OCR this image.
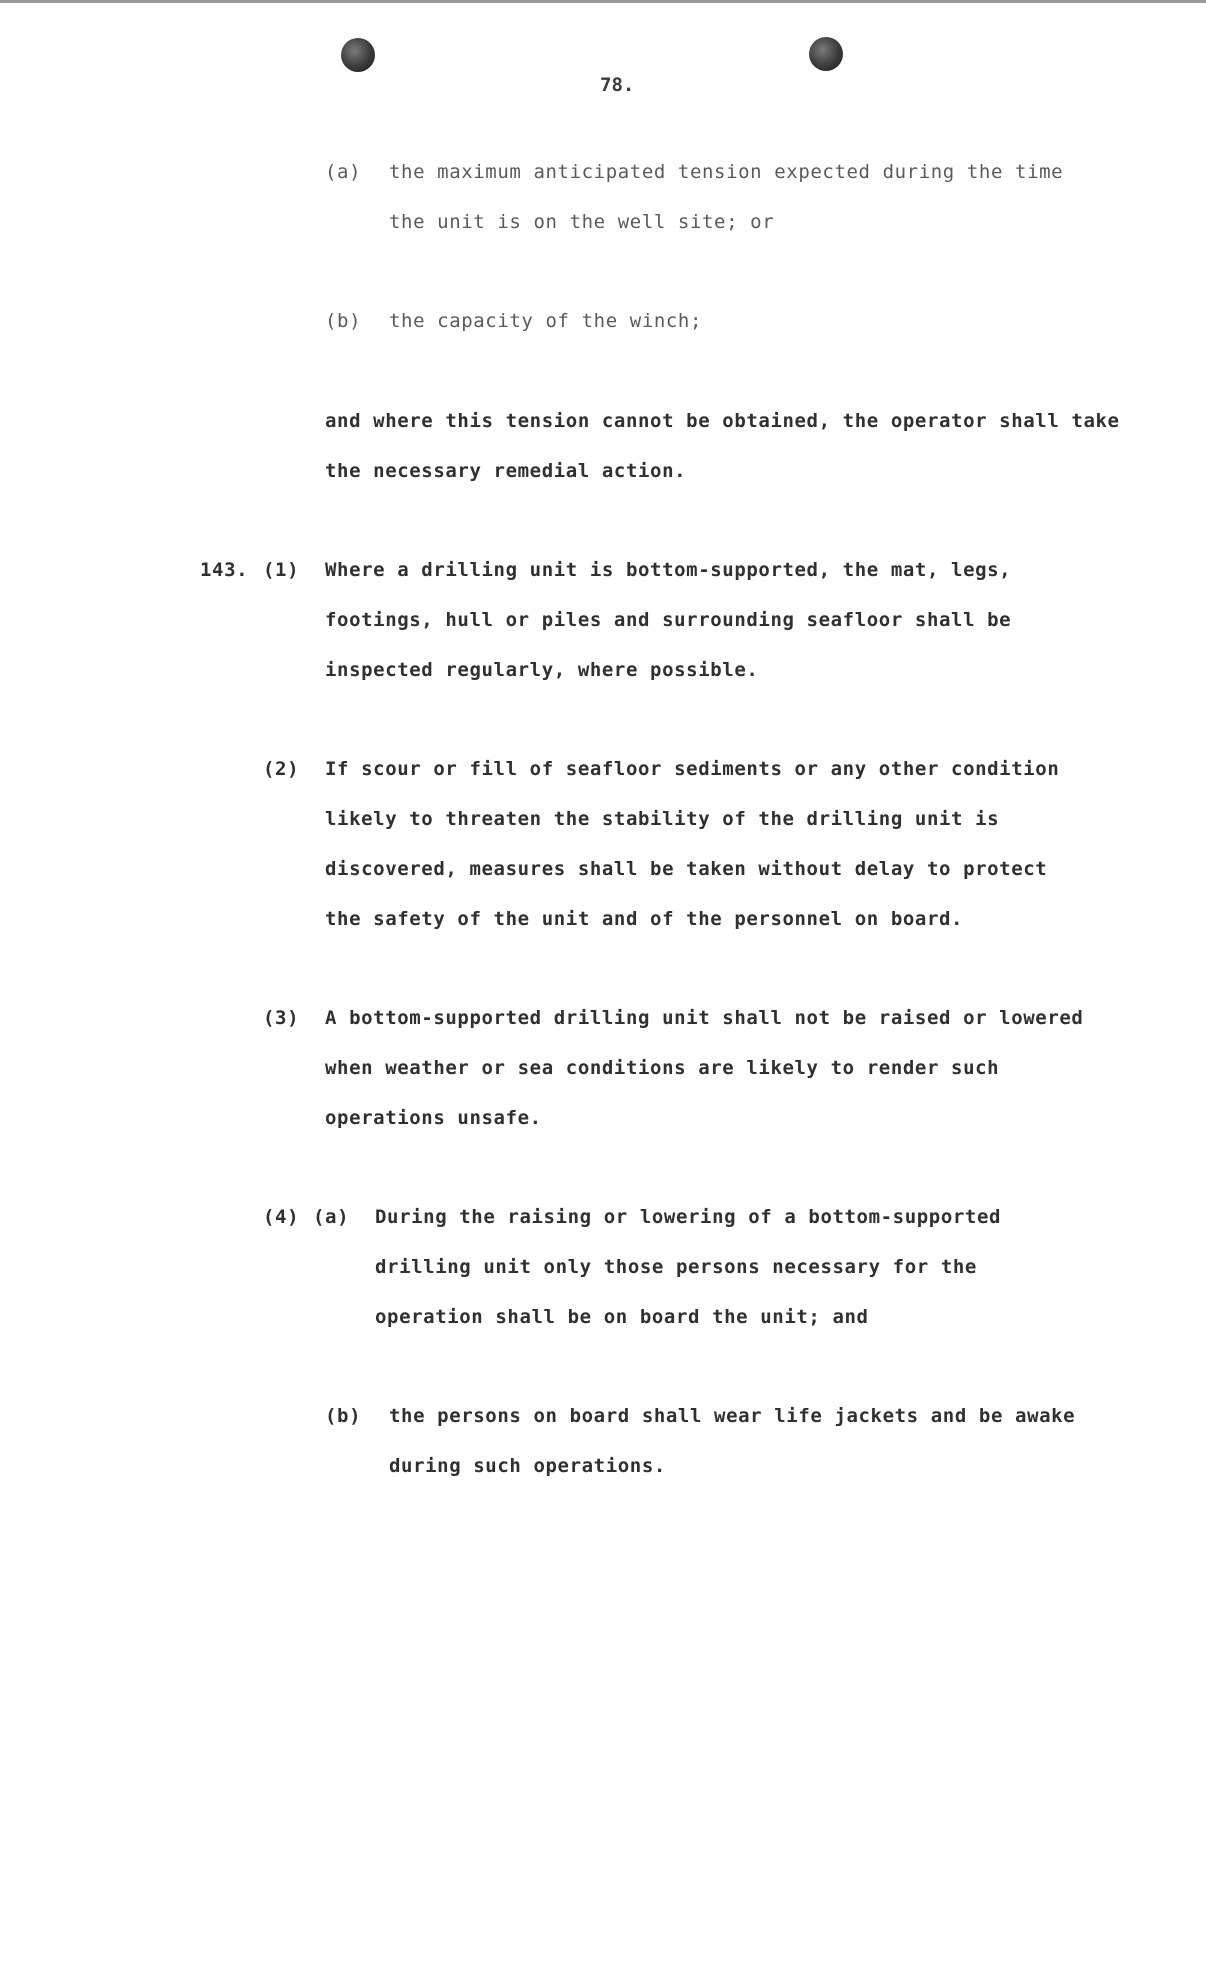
78.
(a) the maximum anticipated tension expected during the time
the unit is on the well site; or
(b) the capacity of the winch;
and where this tension cannot be obtained, the operator shall take
the necessary remedial action.
143. (1) Where a drilling unit is bottom-supported, the mat, legs,
footings, hull or piles and surrounding seafloor shall be
inspected regularly, where possible.
(2) If scour or fill of seafloor sediments or any other condition
likely to threaten the stability of the drilling unit is
discovered, measures shall be taken without delay to protect
the safety of the unit and of the personnel on board.
(3) A bottom-supported drilling unit shall not be raised or lowered
when weather or sea conditions are likely to render such
operations unsafe.
(4) (a) During the raising or lowering of a bottom-supported
drilling unit only those persons necessary for the
operation shall be on board the unit; and
(b) the persons on board shall wear life jackets and be awake
during such operations.
